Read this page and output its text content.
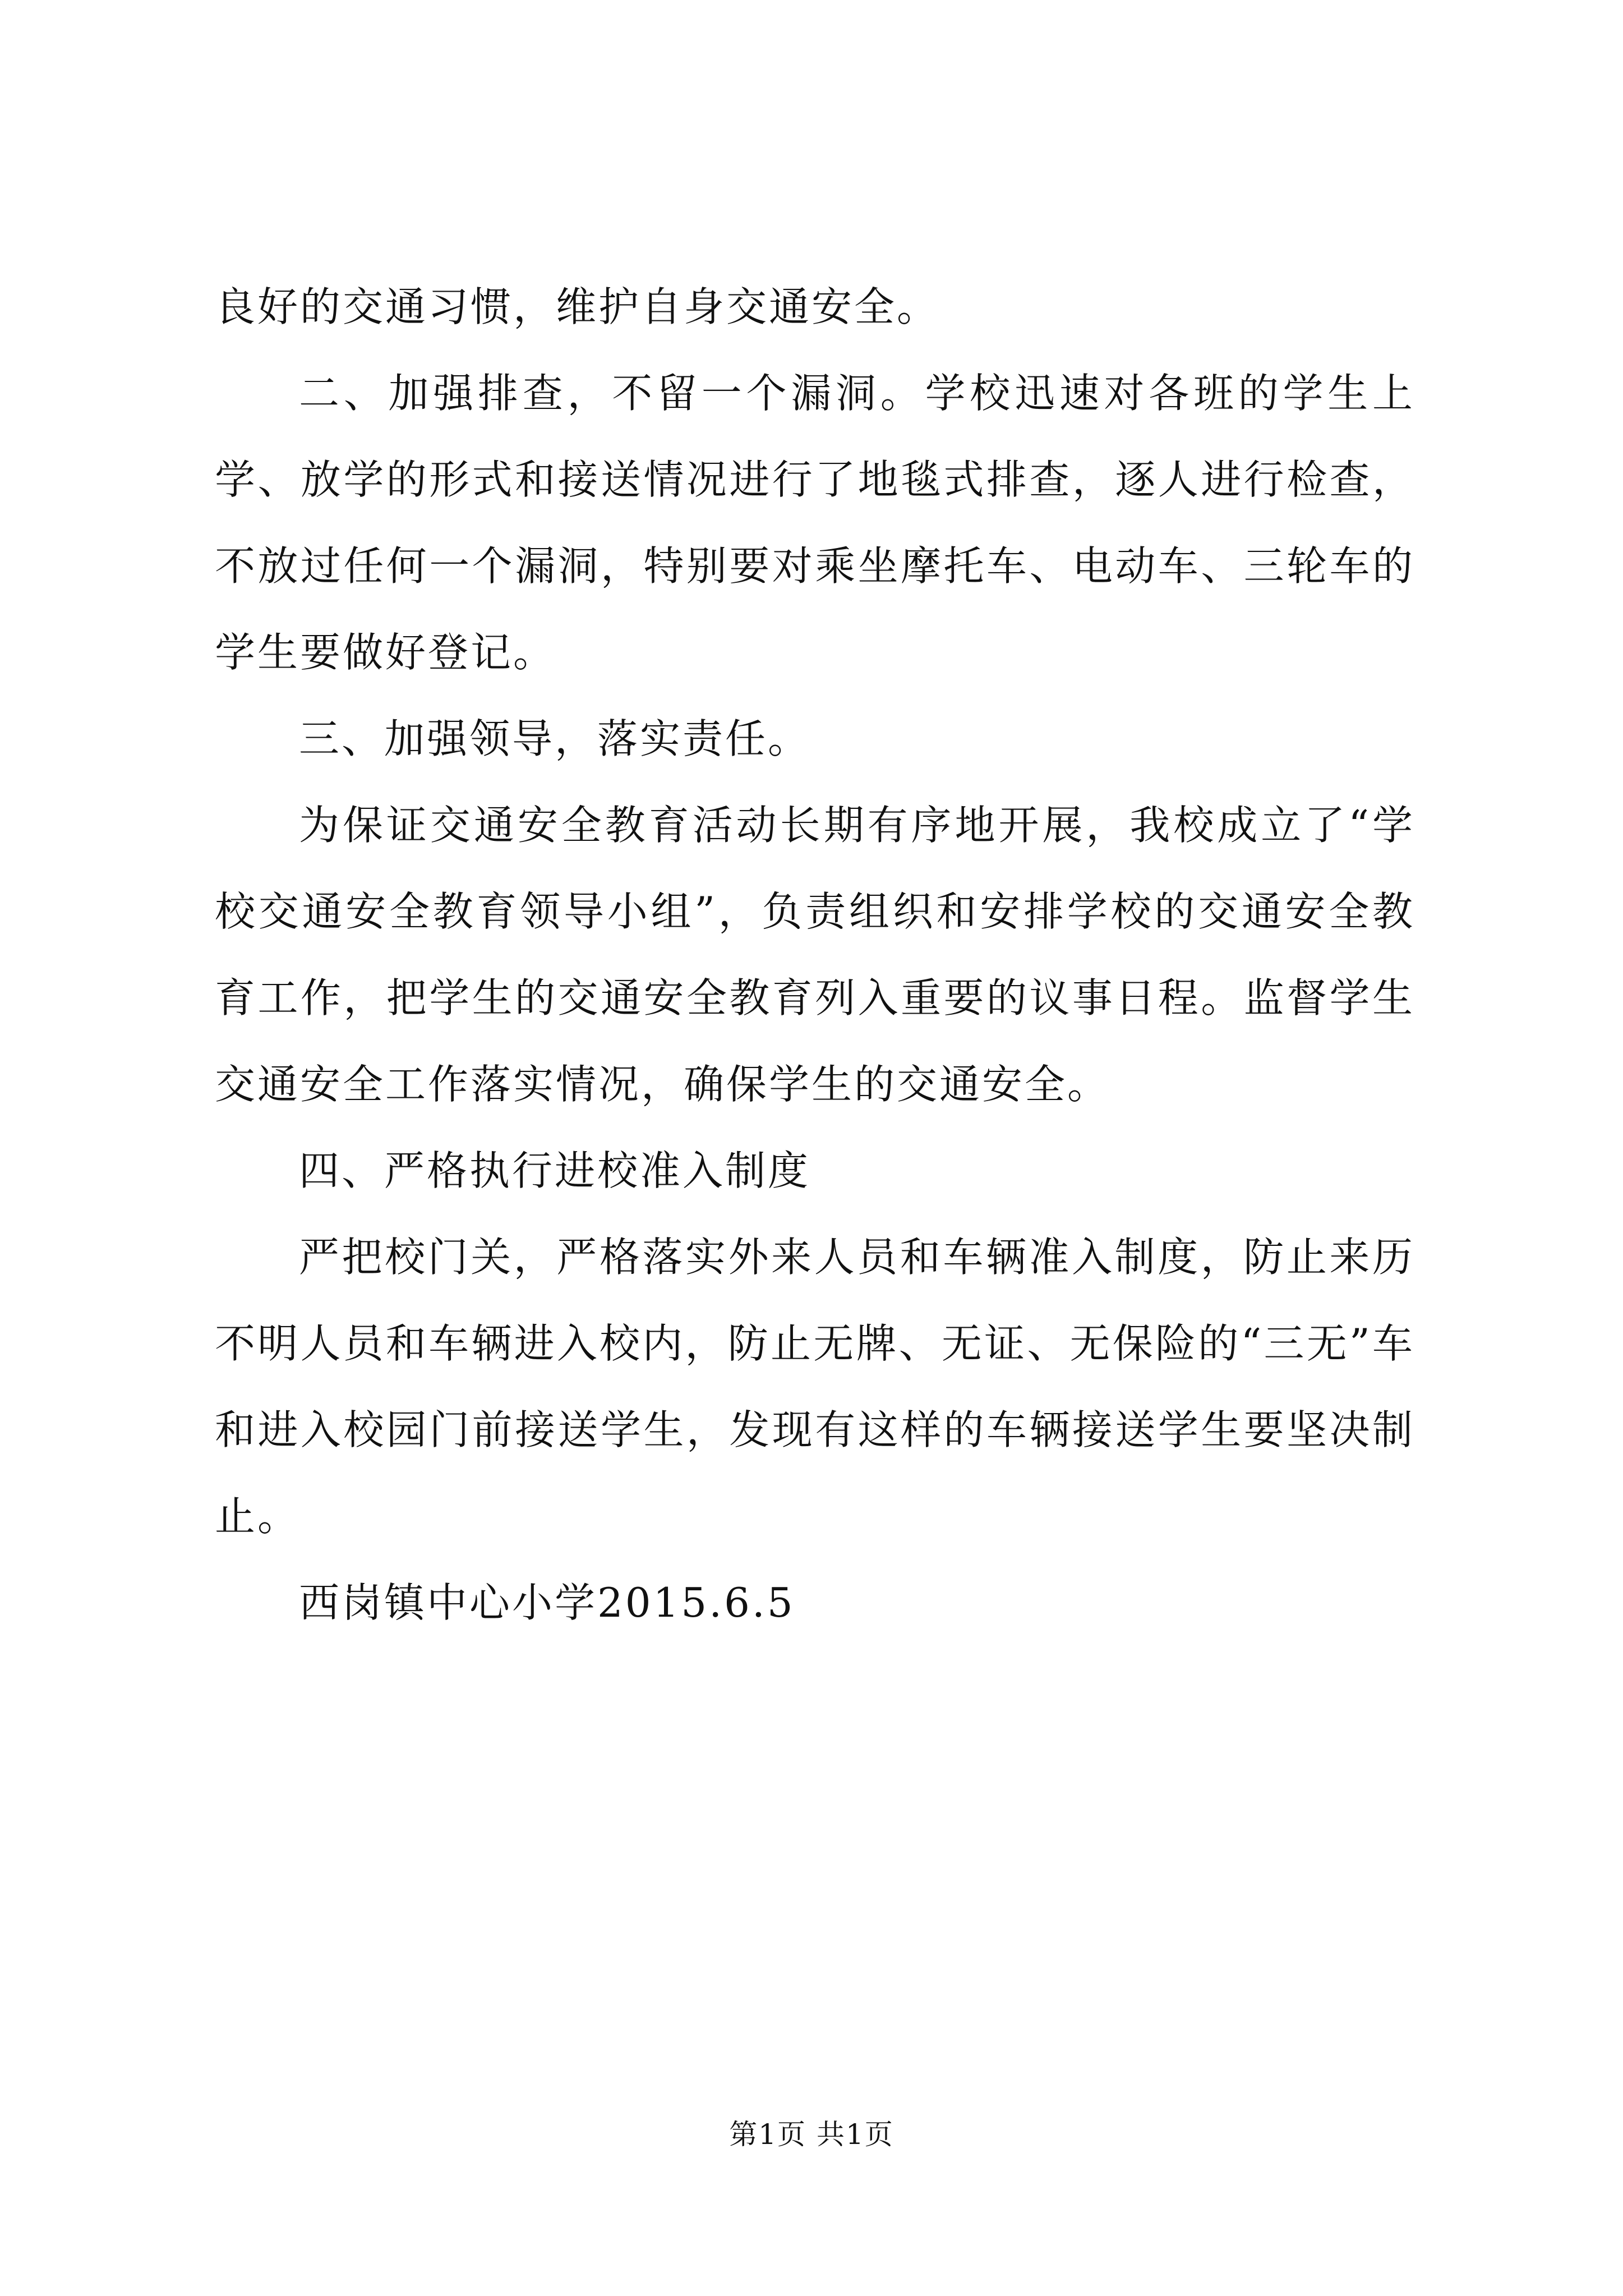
良好的交通习惯，维护自身交通安全。

二、加强排查，不留一个漏洞。学校迅速对各班的学生上学、放学的形式和接送情况进行了地毯式排查，逐人进行检查，不放过任何一个漏洞，特别要对乘坐摩托车、电动车、三轮车的学生要做好登记。

三、加强领导，落实责任。

为保证交通安全教育活动长期有序地开展，我校成立了“学校交通安全教育领导小组”，负责组织和安排学校的交通安全教育工作，把学生的交通安全教育列入重要的议事日程。监督学生交通安全工作落实情况，确保学生的交通安全。

四、严格执行进校准入制度

严把校门关，严格落实外来人员和车辆准入制度，防止来历不明人员和车辆进入校内，防止无牌、无证、无保险的“三无”车和进入校园门前接送学生，发现有这样的车辆接送学生要坚决制止。

西岗镇中心小学2015.6.5

第1页 共1页
